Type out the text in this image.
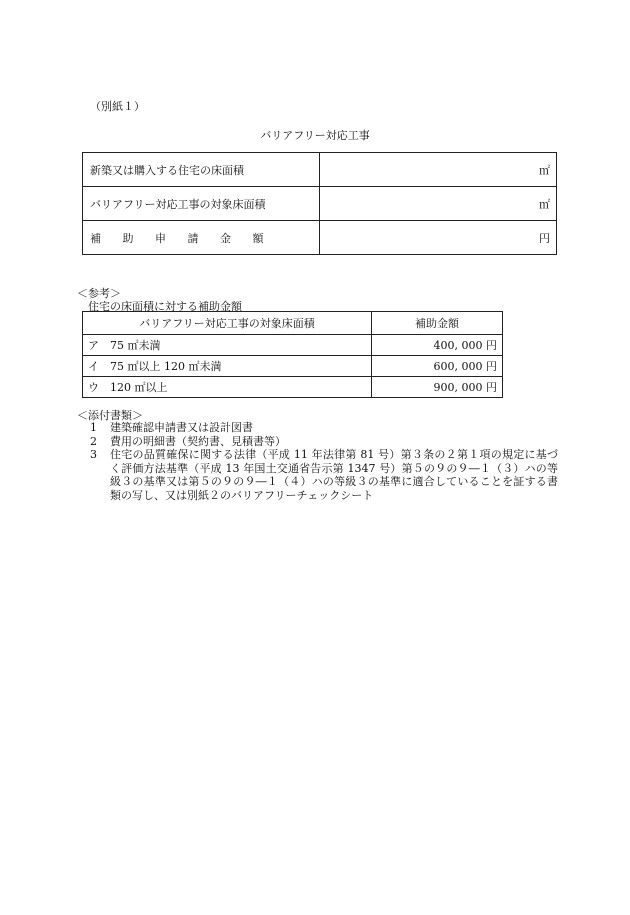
（別紙１）
バリアフリー対応工事
新築又は購入する住宅の床面積	㎡
バリアフリー対応工事の対象床面積	㎡
補 助 申 請 金 額	円
＜参考＞
住宅の床面積に対する補助金額
バリアフリー対応工事の対象床面積	補助金額
ア　75 ㎡未満	400, 000 円
イ　75 ㎡以上 120 ㎡未満	600, 000 円
ウ　120 ㎡以上	900, 000 円
＜添付書類＞
1	建築確認申請書又は設計図書
2	費用の明細書（契約書、見積書等）
3	住宅の品質確保に関する法律（平成 11 年法律第 81 号）第３条の２第１項の規定に基づく評価方法基準（平成 13 年国土交通省告示第 1347 号）第５の９の９―１（３）ハの等級３の基準又は第５の９の９―１（４）ハの等級３の基準に適合していることを証する書類の写し、又は別紙２のバリアフリーチェックシート
